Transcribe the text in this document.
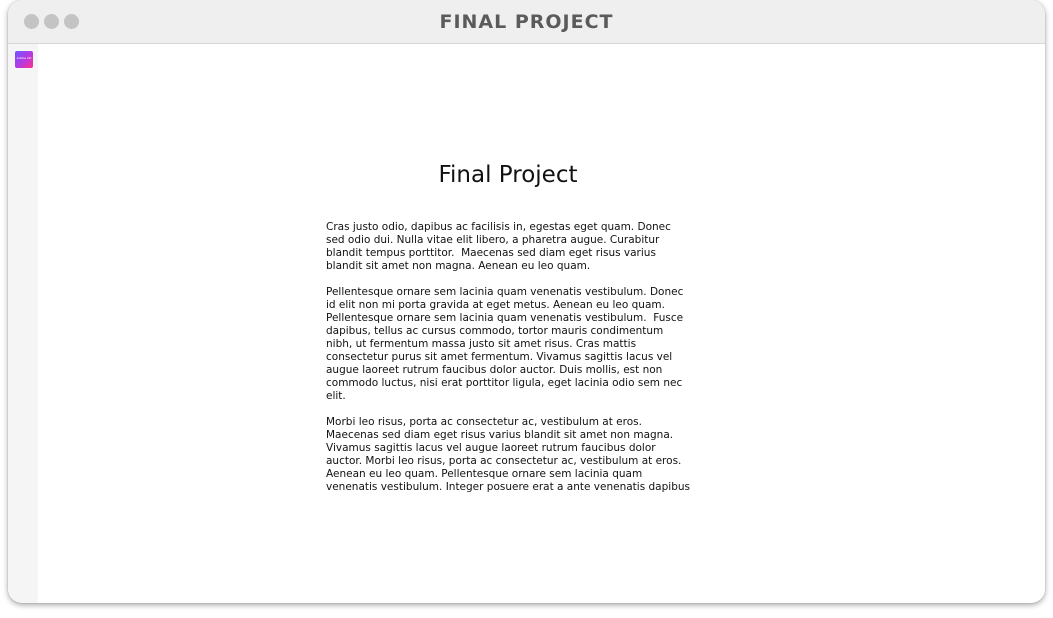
FINAL PROJECT
Adobe XD
Final Project

Cras justo odio, dapibus ac facilisis in, egestas eget quam. Donec sed odio dui. Nulla vitae elit libero, a pharetra augue. Curabitur blandit tempus porttitor.  Maecenas sed diam eget risus varius blandit sit amet non magna. Aenean eu leo quam.

Pellentesque ornare sem lacinia quam venenatis vestibulum. Donec id elit non mi porta gravida at eget metus. Aenean eu leo quam. Pellentesque ornare sem lacinia quam venenatis vestibulum.  Fusce dapibus, tellus ac cursus commodo, tortor mauris condimentum nibh, ut fermentum massa justo sit amet risus. Cras mattis consectetur purus sit amet fermentum. Vivamus sagittis lacus vel augue laoreet rutrum faucibus dolor auctor. Duis mollis, est non commodo luctus, nisi erat porttitor ligula, eget lacinia odio sem nec elit.

Morbi leo risus, porta ac consectetur ac, vestibulum at eros. Maecenas sed diam eget risus varius blandit sit amet non magna. Vivamus sagittis lacus vel augue laoreet rutrum faucibus dolor auctor. Morbi leo risus, porta ac consectetur ac, vestibulum at eros. Aenean eu leo quam. Pellentesque ornare sem lacinia quam venenatis vestibulum. Integer posuere erat a ante venenatis dapibus
